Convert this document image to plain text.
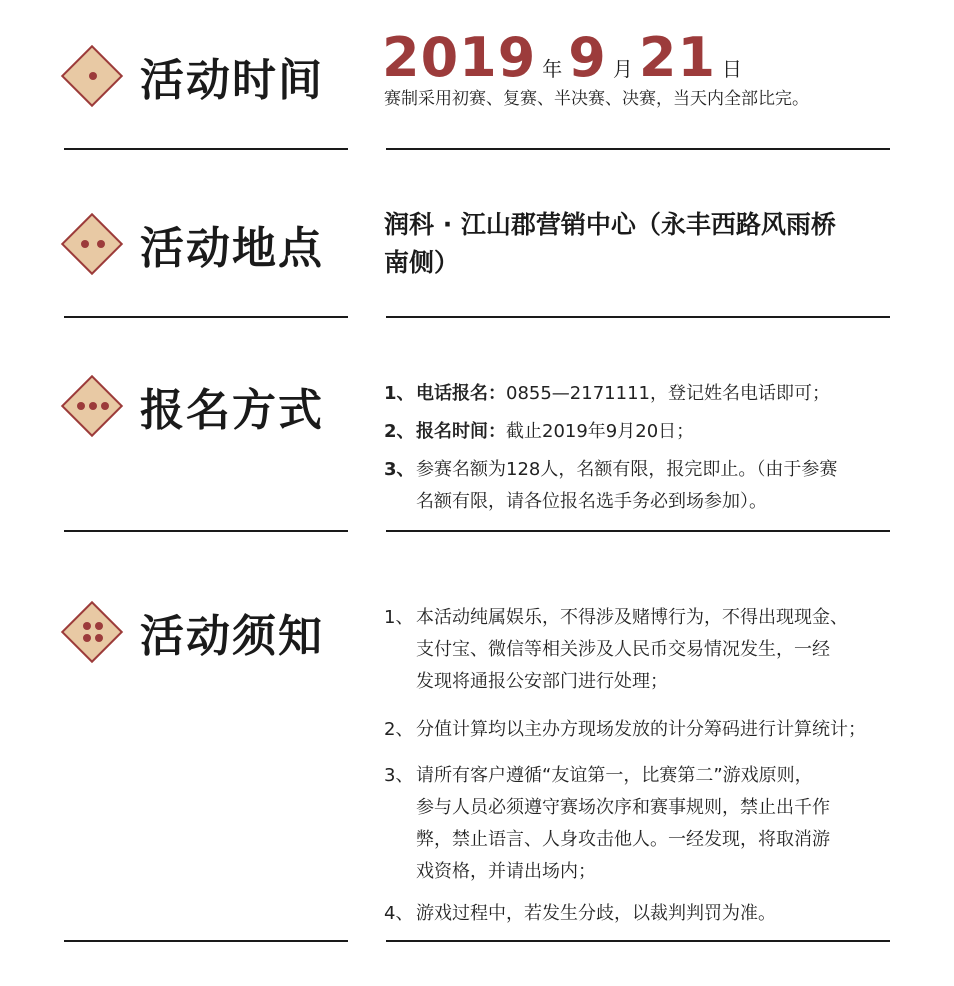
活动时间 2019 年 9 月 21 日
赛制采用初赛、复赛、半决赛、决赛，当天内全部比完。
活动地点 润科 · 江山郡营销中心（永丰西路风雨桥
南侧）
报名方式	1、电话报名：0855—2171111，登记姓名电话即可；
2、报名时间：截止2019年9月20日；
3、参赛名额为128人，名额有限，报完即止。（由于参赛
名额有限，请各位报名选手务必到场参加）。
活动须知	1、 本活动纯属娱乐，不得涉及赌博行为，不得出现现金、
支付宝、微信等相关涉及人民币交易情况发生，一经
发现将通报公安部门进行处理；
2、 分值计算均以主办方现场发放的计分筹码进行计算统计；
3、 请所有客户遵循“友谊第一，比赛第二”游戏原则，
参与人员必须遵守赛场次序和赛事规则，禁止出千作
弊，禁止语言、人身攻击他人。一经发现，将取消游
戏资格，并请出场内；
4、 游戏过程中，若发生分歧，以裁判判罚为准。
